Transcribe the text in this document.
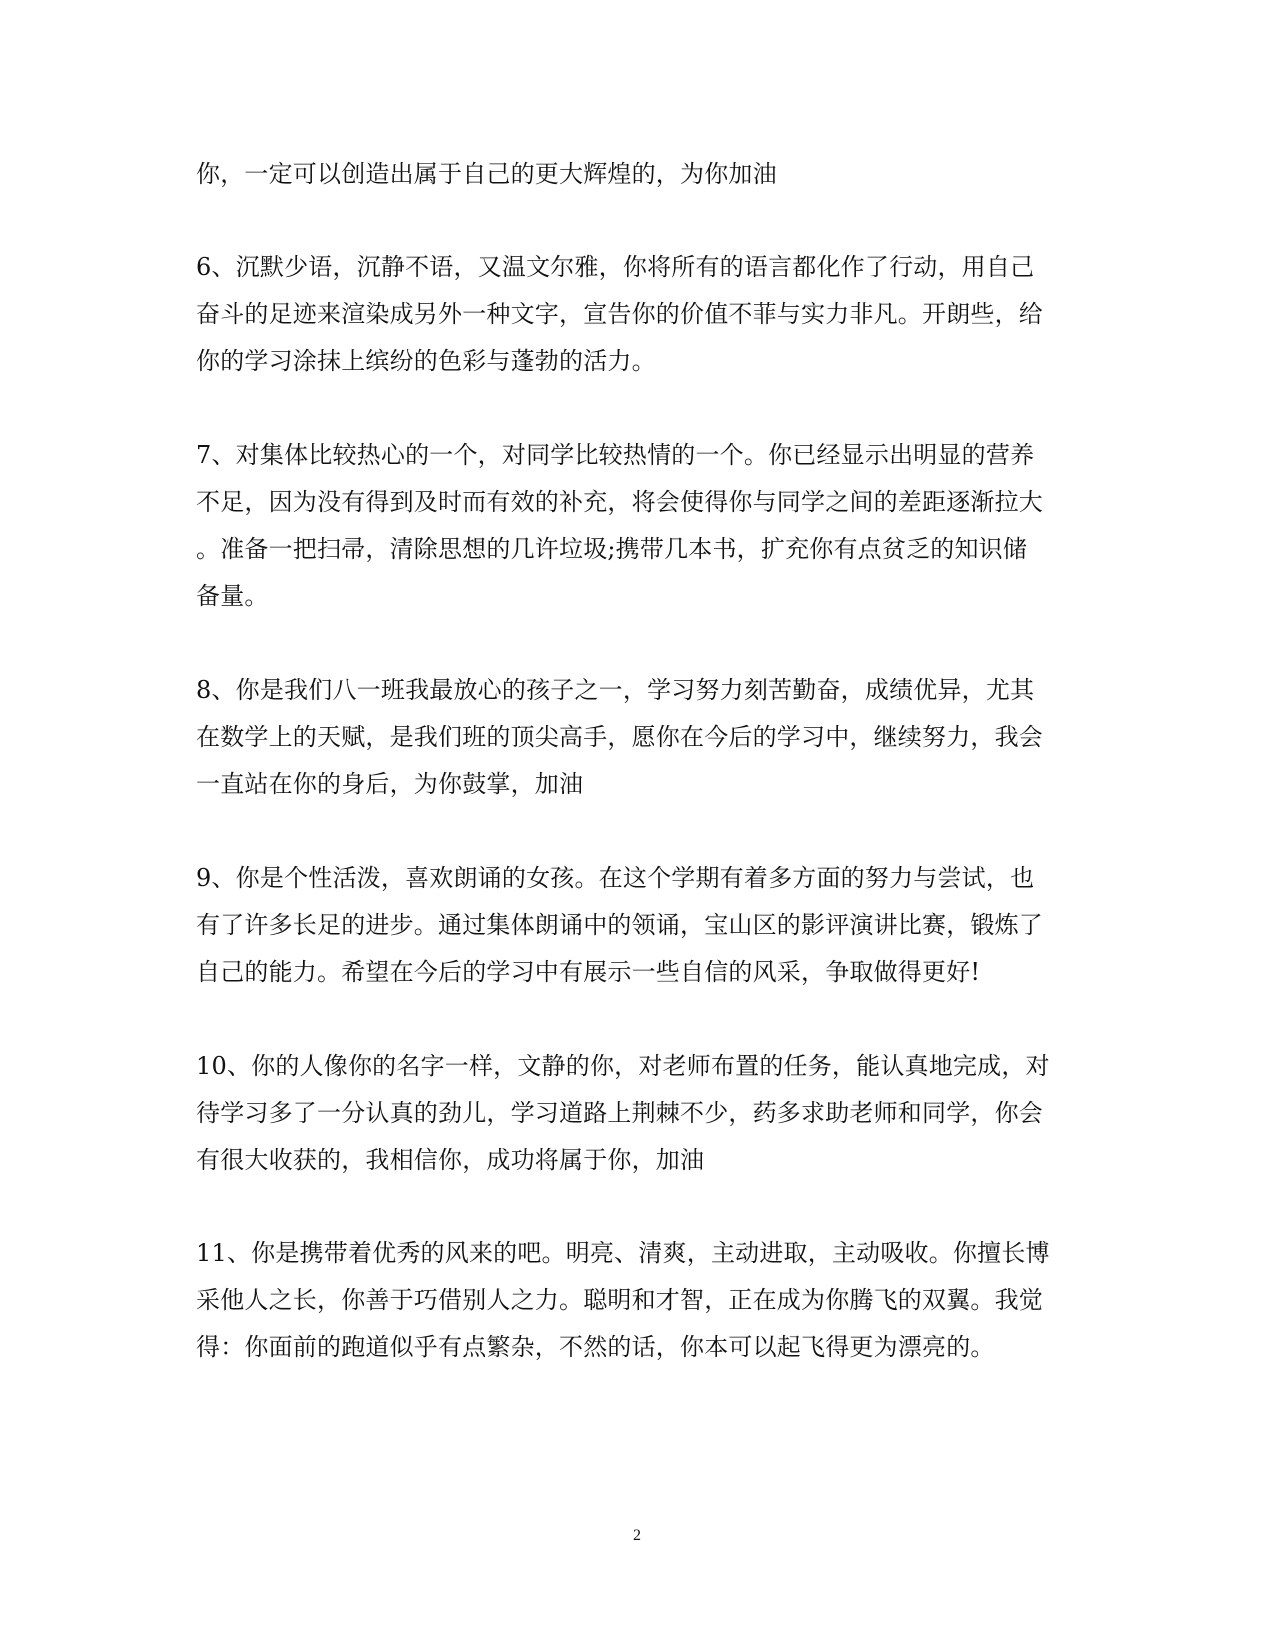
你，一定可以创造出属于自己的更大辉煌的，为你加油
6、沉默少语，沉静不语，又温文尔雅，你将所有的语言都化作了行动，用自己
奋斗的足迹来渲染成另外一种文字，宣告你的价值不菲与实力非凡。开朗些，给
你的学习涂抹上缤纷的色彩与蓬勃的活力。
7、对集体比较热心的一个，对同学比较热情的一个。你已经显示出明显的营养
不足，因为没有得到及时而有效的补充，将会使得你与同学之间的差距逐渐拉大
。准备一把扫帚，清除思想的几许垃圾;携带几本书，扩充你有点贫乏的知识储
备量。
8、你是我们八一班我最放心的孩子之一，学习努力刻苦勤奋，成绩优异，尤其
在数学上的天赋，是我们班的顶尖高手，愿你在今后的学习中，继续努力，我会
一直站在你的身后，为你鼓掌，加油
9、你是个性活泼，喜欢朗诵的女孩。在这个学期有着多方面的努力与尝试，也
有了许多长足的进步。通过集体朗诵中的领诵，宝山区的影评演讲比赛，锻炼了
自己的能力。希望在今后的学习中有展示一些自信的风采，争取做得更好!
10、你的人像你的名字一样，文静的你，对老师布置的任务，能认真地完成，对
待学习多了一分认真的劲儿，学习道路上荆棘不少，药多求助老师和同学，你会
有很大收获的，我相信你，成功将属于你，加油
11、你是携带着优秀的风来的吧。明亮、清爽，主动进取，主动吸收。你擅长博
采他人之长，你善于巧借别人之力。聪明和才智，正在成为你腾飞的双翼。我觉
得：你面前的跑道似乎有点繁杂，不然的话，你本可以起飞得更为漂亮的。
2
